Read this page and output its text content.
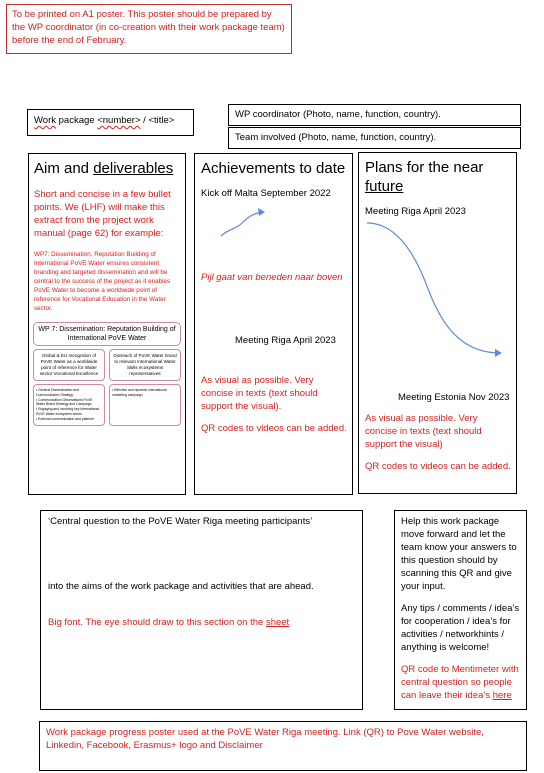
To be printed on A1 poster. This poster should be prepared by the WP coordinator (in co-creation with their work package team) before the end of February.
Work package <number> / <title>
WP coordinator (Photo, name, function, country).
Team involved (Photo, name, function, country).
Aim and deliverables
Short and concise in a few bullet points. We (LHF) will make this extract from the project work manual (page 62) for example:
WP7: Dissemination. Reputation Building of International PoVE Water ensures consistent branding and targeted dissemination and will be central to the success of the project as it enables PoVE Water to become a worldwide point of reference for Vocational Education in the Water sector.
WP 7: Dissemination: Reputation Building of International PoVE Water
Global & EU recognition of PoVE Water as a worldwide point of reference for Water sector Vocational Excellence
Outreach of PoVE Water brand to relevant International Water Skills ecosystems representatives
• General Dissemination and Communication Strategy
• Communication Observations PoVE Water Brand Strategy and Campaign
• Engaging and involving key International PoVE Water ecosystem actors
• External communication and platform
• Effective and dynamic international marketing campaign
Achievements to date
Kick off Malta September 2022
Pijl gaat van beneden naar boven
Meeting Riga April 2023
As visual as possible. Very concise in texts (text should support the visual).
QR codes to videos can be added.
Plans for the near
future
Meeting Riga April 2023
Meeting Estonia Nov 2023
As visual as possible. Very concise in texts (text should support the visual)
QR codes to videos can be added.
‘Central question to the PoVE Water Riga meeting participants’
into the aims of the work package and activities that are ahead.
Big font. The eye should draw to this section on the sheet
Help this work package move forward and let the team know your answers to this question should by scanning this QR and give your input.
Any tips / comments / idea’s for cooperation / idea’s for activities / networkhints / anything is welcome!
QR code to Mentimeter with central question so people can leave their idea’s here
Work package progress poster used at the PoVE Water Riga meeting. Link (QR) to Pove Water website, Linkedin, Facebook, Erasmus+ logo and Disclaimer
